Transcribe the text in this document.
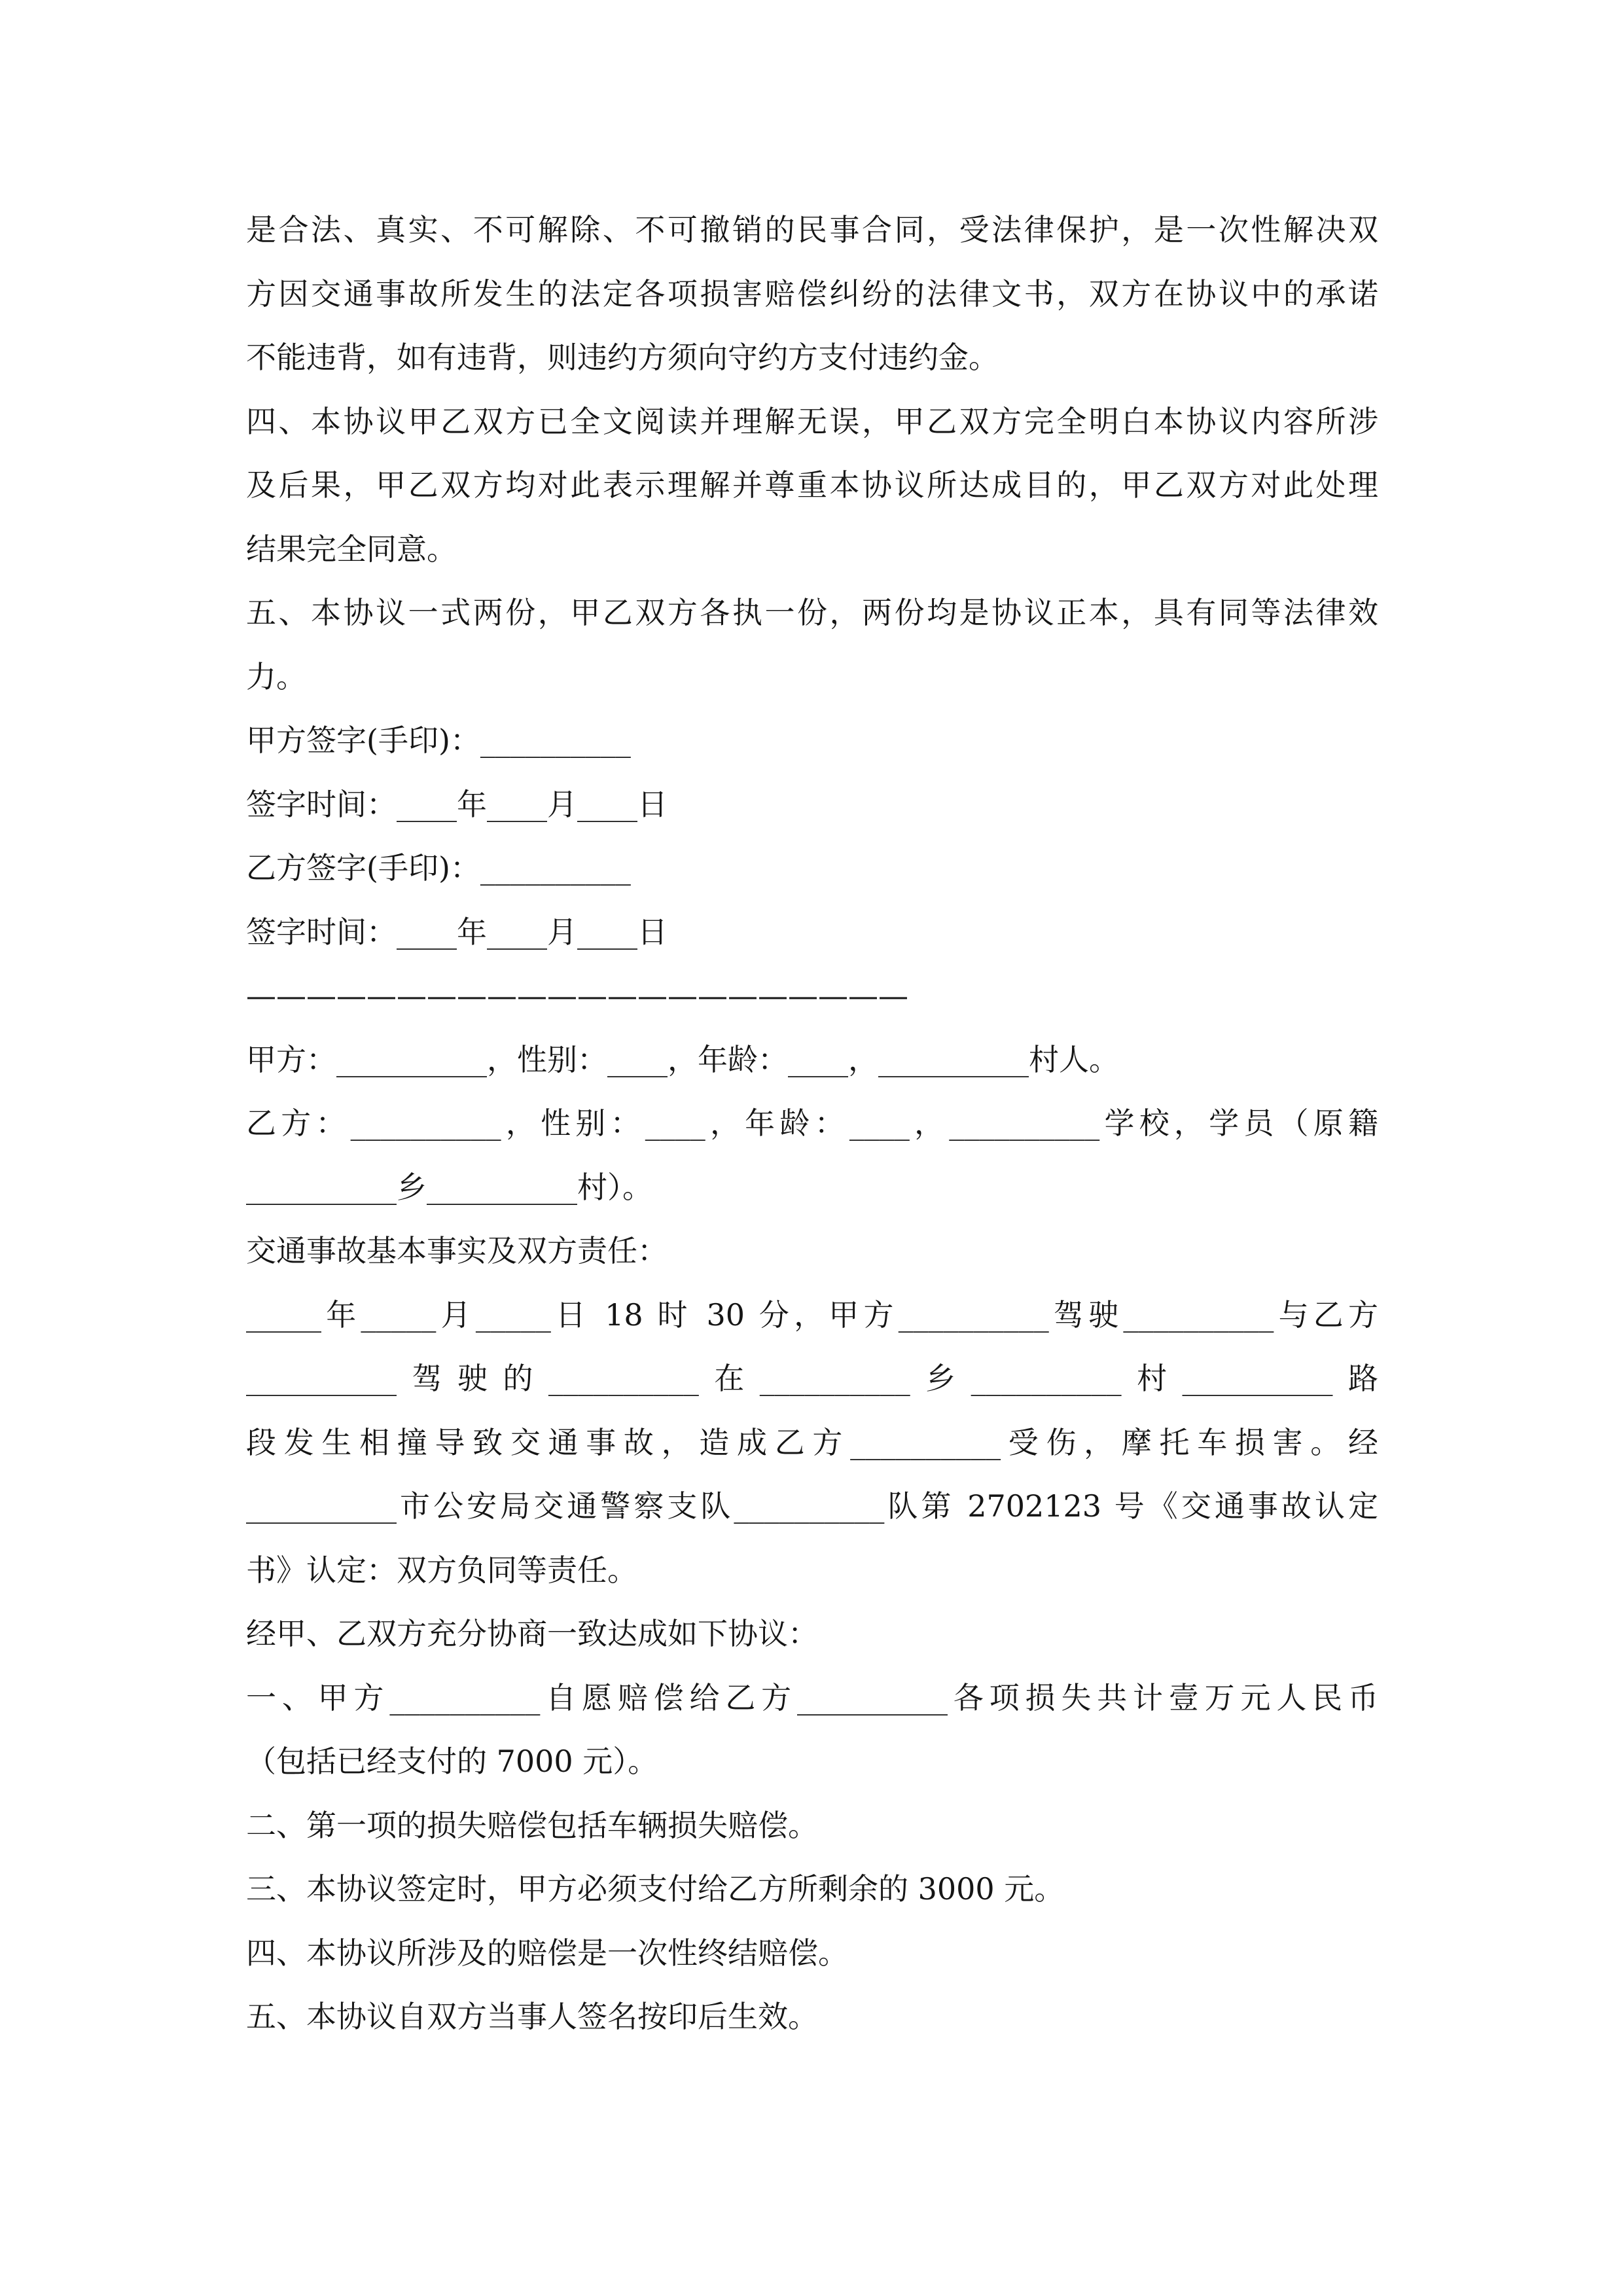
是合法、真实、不可解除、不可撤销的民事合同，受法律保护，是一次性解决双
方因交通事故所发生的法定各项损害赔偿纠纷的法律文书，双方在协议中的承诺
不能违背，如有违背，则违约方须向守约方支付违约金。
四、本协议甲乙双方已全文阅读并理解无误，甲乙双方完全明白本协议内容所涉
及后果，甲乙双方均对此表示理解并尊重本协议所达成目的，甲乙双方对此处理
结果完全同意。
五、本协议一式两份，甲乙双方各执一份，两份均是协议正本，具有同等法律效
力。
甲方签字(手印)：__________
签字时间：____年____月____日
乙方签字(手印)：__________
签字时间：____年____月____日
——————————————————————
甲方：__________，性别：____，年龄：____，__________村人。
乙方：__________，性别：____，年龄：____，__________学校，学员（原籍
__________乡__________村）。
交通事故基本事实及双方责任：
_____年_____月_____日 18 时 30 分，甲方__________驾驶__________与乙方
__________驾驶的__________在__________乡__________村__________路
段发生相撞导致交通事故，造成乙方__________受伤，摩托车损害。经
__________市公安局交通警察支队__________队第 2702123 号《交通事故认定
书》认定：双方负同等责任。
经甲、乙双方充分协商一致达成如下协议：
一、甲方__________自愿赔偿给乙方__________各项损失共计壹万元人民币
（包括已经支付的 7000 元）。
二、第一项的损失赔偿包括车辆损失赔偿。
三、本协议签定时，甲方必须支付给乙方所剩余的 3000 元。
四、本协议所涉及的赔偿是一次性终结赔偿。
五、本协议自双方当事人签名按印后生效。
